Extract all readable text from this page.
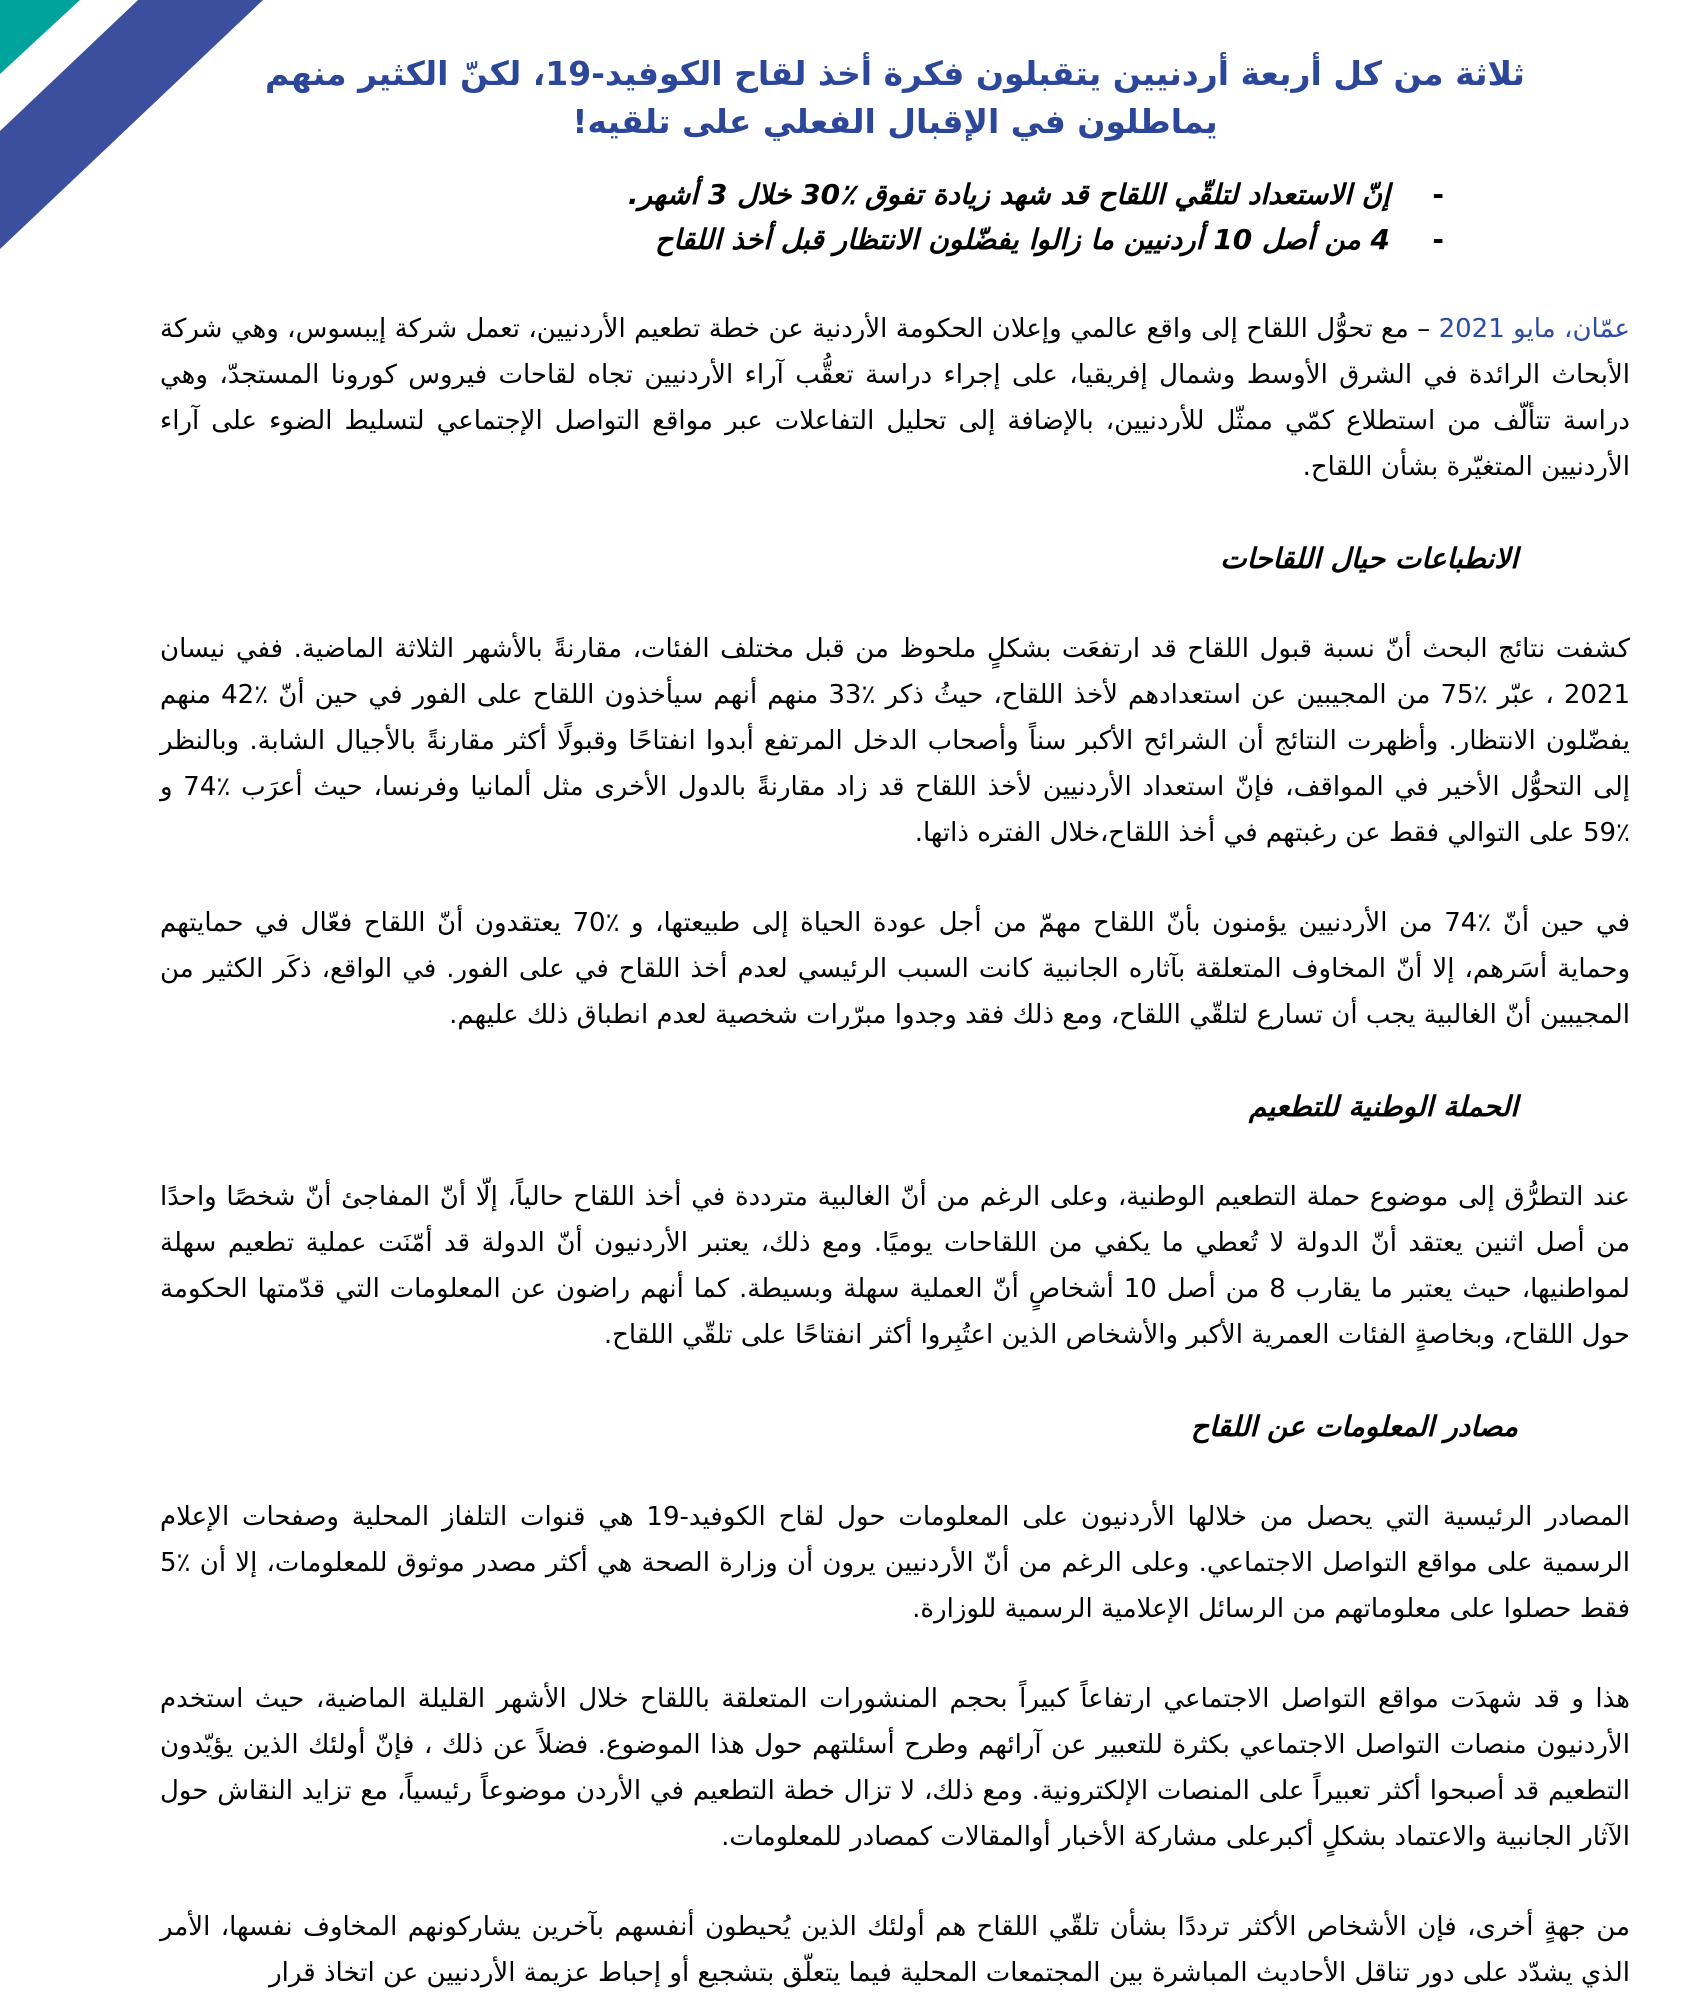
ثلاثة من كل أربعة أردنيين يتقبلون فكرة أخذ لقاح الكوفيد-19، لكنّ الكثير منهم يماطلون في الإقبال الفعلي على تلقيه!
-
إنّ الاستعداد لتلقّي اللقاح قد شهد زيادة تفوق ٪30 خلال 3 أشهر.
-
4 من أصل 10 أردنيين ما زالوا يفضّلون الانتظار قبل أخذ اللقاح

عمّان، مايو 2021 – مع تحوُّل اللقاح إلى واقع عالمي وإعلان الحكومة الأردنية عن خطة تطعيم الأردنيين، تعمل شركة إيبسوس، وهي شركة الأبحاث الرائدة في الشرق الأوسط وشمال إفريقيا، على إجراء دراسة تعقُّب آراء الأردنيين تجاه لقاحات فيروس كورونا المستجدّ، وهي دراسة تتألّف من استطلاع كمّي ممثّل للأردنيين، بالإضافة إلى تحليل التفاعلات عبر مواقع التواصل الإجتماعي لتسليط الضوء على آراء الأردنيين المتغيّرة بشأن اللقاح.

الانطباعات حيال اللقاحات

كشفت نتائج البحث أنّ نسبة قبول اللقاح قد ارتفعَت بشكلٍ ملحوظ من قبل مختلف الفئات، مقارنةً بالأشهر الثلاثة الماضية. ففي نيسان 2021 ، عبّر ٪75 من المجيبين عن استعدادهم لأخذ اللقاح، حيثُ ذكر ٪33 منهم أنهم سيأخذون اللقاح على الفور في حين أنّ ٪42 منهم يفضّلون الانتظار. وأظهرت النتائج أن الشرائح الأكبر سناً وأصحاب الدخل المرتفع أبدوا انفتاحًا وقبولًا أكثر مقارنةً بالأجيال الشابة. وبالنظر إلى التحوُّل الأخير في المواقف، فإنّ استعداد الأردنيين لأخذ اللقاح قد زاد مقارنةً بالدول الأخرى مثل ألمانيا وفرنسا، حيث أعرَب ٪74 و ٪59 على التوالي فقط عن رغبتهم في أخذ اللقاح،خلال الفتره ذاتها.

في حين أنّ ٪74 من الأردنيين يؤمنون بأنّ اللقاح مهمّ من أجل عودة الحياة إلى طبيعتها، و ٪70 يعتقدون أنّ اللقاح فعّال في حمايتهم وحماية أسَرهم، إلا أنّ المخاوف المتعلقة بآثاره الجانبية كانت السبب الرئيسي لعدم أخذ اللقاح في على الفور. في الواقع، ذكَر الكثير من المجيبين أنّ الغالبية يجب أن تسارع لتلقّي اللقاح، ومع ذلك فقد وجدوا مبرّرات شخصية لعدم انطباق ذلك عليهم.

الحملة الوطنية للتطعيم

عند التطرُّق إلى موضوع حملة التطعيم الوطنية، وعلى الرغم من أنّ الغالبية مترددة في أخذ اللقاح حالياً، إلّا أنّ المفاجئ أنّ شخصًا واحدًا من أصل اثنين يعتقد أنّ الدولة لا تُعطي ما يكفي من اللقاحات يوميًا. ومع ذلك، يعتبر الأردنيون أنّ الدولة قد أمّنَت عملية تطعيم سهلة لمواطنيها، حيث يعتبر ما يقارب 8 من أصل 10 أشخاصٍ أنّ العملية سهلة وبسيطة. كما أنهم راضون عن المعلومات التي قدّمتها الحكومة حول اللقاح، وبخاصةٍ الفئات العمرية الأكبر والأشخاص الذين اعتُبِروا أكثر انفتاحًا على تلقّي اللقاح.

مصادر المعلومات عن اللقاح

المصادر الرئيسية التي يحصل من خلالها الأردنيون على المعلومات حول لقاح الكوفيد-19 هي قنوات التلفاز المحلية وصفحات الإعلام الرسمية على مواقع التواصل الاجتماعي. وعلى الرغم من أنّ الأردنيين يرون أن وزارة الصحة هي أكثر مصدر موثوق للمعلومات، إلا أن ٪5 فقط حصلوا على معلوماتهم من الرسائل الإعلامية الرسمية للوزارة.

هذا و قد شهدَت مواقع التواصل الاجتماعي ارتفاعاً كبيراً بحجم المنشورات المتعلقة باللقاح خلال الأشهر القليلة الماضية، حيث استخدم الأردنيون منصات التواصل الاجتماعي بكثرة للتعبير عن آرائهم وطرح أسئلتهم حول هذا الموضوع. فضلاً عن ذلك ، فإنّ أولئك الذين يؤيّدون التطعيم قد أصبحوا أكثر تعبيراً على المنصات الإلكترونية. ومع ذلك، لا تزال خطة التطعيم في الأردن موضوعاً رئيسياً، مع تزايد النقاش حول الآثار الجانبية والاعتماد بشكلٍ أكبرعلى مشاركة الأخبار أوالمقالات كمصادر للمعلومات.

من جهةٍ أخرى، فإن الأشخاص الأكثر ترددًا بشأن تلقّي اللقاح هم أولئك الذين يُحيطون أنفسهم بآخرين يشاركونهم المخاوف نفسها، الأمر الذي يشدّد على دور تناقل الأحاديث المباشرة بين المجتمعات المحلية فيما يتعلّق بتشجيع أو إحباط عزيمة الأردنيين عن اتخاذ قرار
